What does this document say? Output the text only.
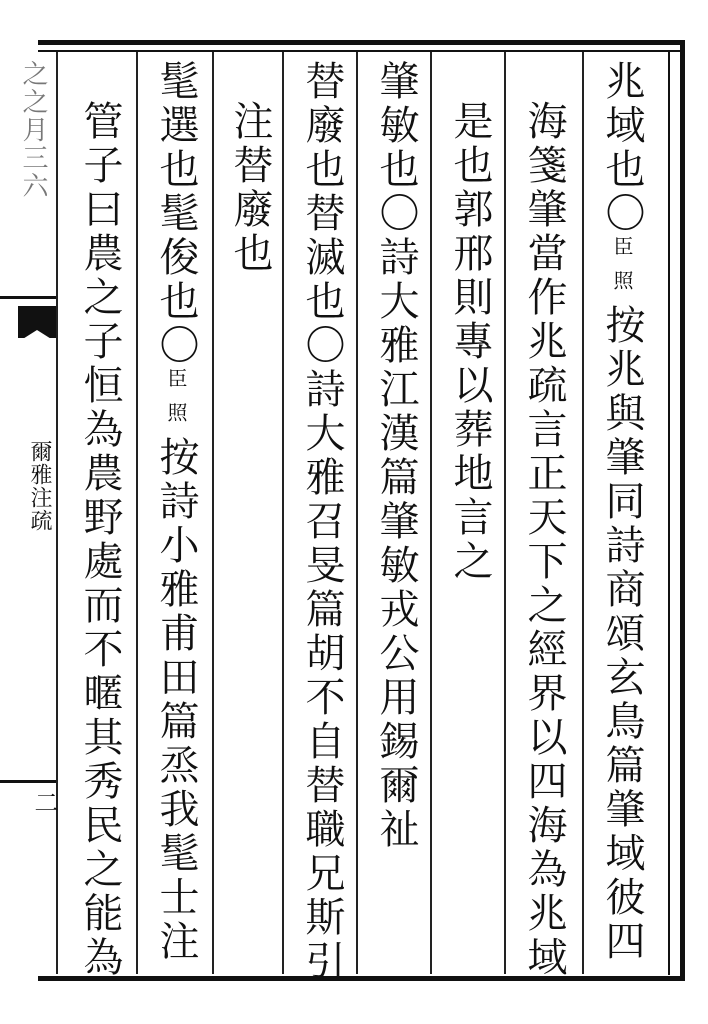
之之月三六
爾雅注疏
二
兆域也〇臣照按兆與肇同詩商頌玄鳥篇肇域彼四
海箋肇當作兆疏言正天下之經界以四海為兆域
是也郭邢則專以葬地言之
肇敏也〇詩大雅江漢篇肇敏戎公用錫爾祉
替廢也替滅也〇詩大雅召旻篇胡不自替職兄斯引
注替廢也
髦選也髦俊也〇臣照按詩小雅甫田篇烝我髦士注
管子曰農之子恒為農野處而不暱其秀民之能為
